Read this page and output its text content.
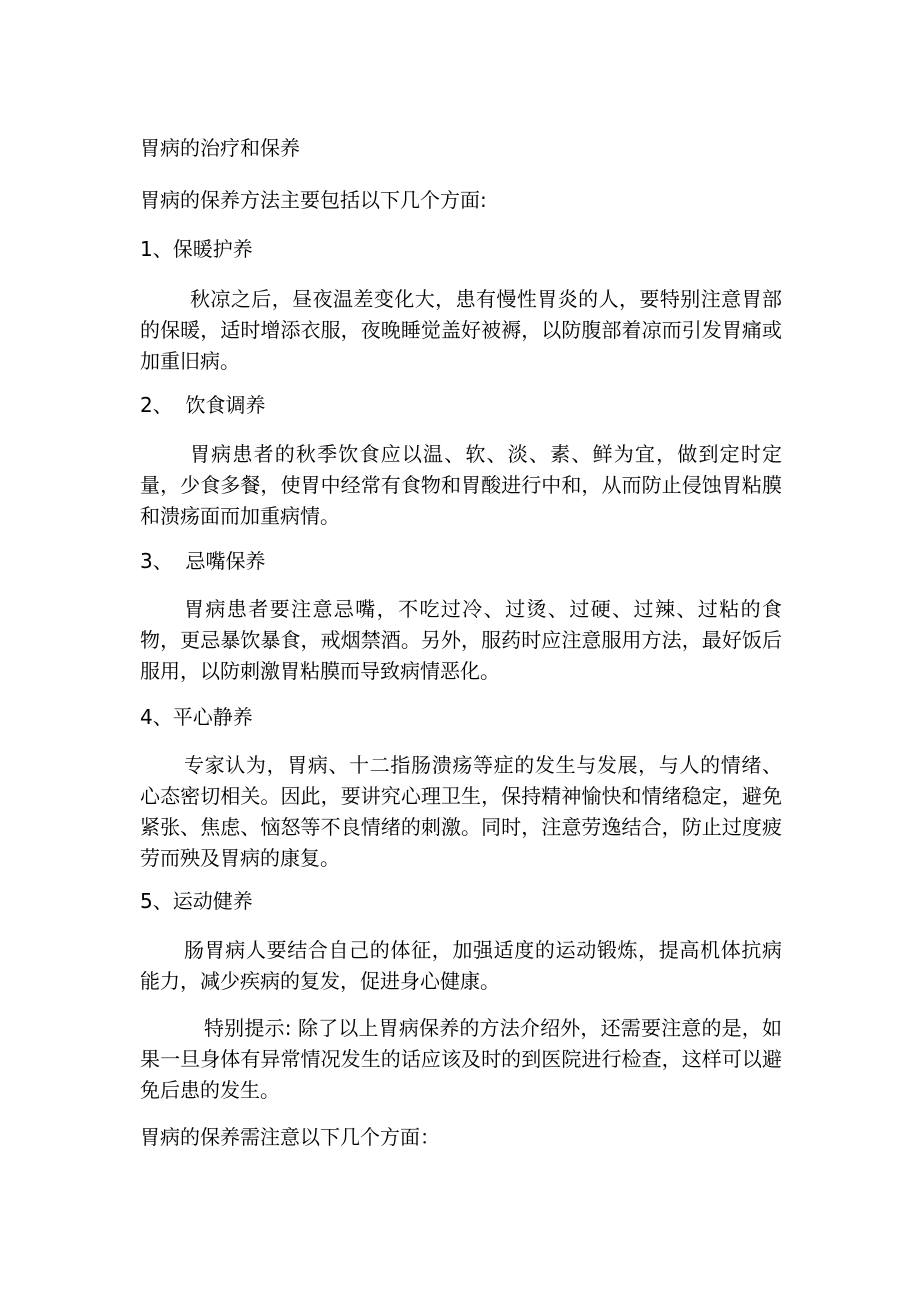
胃病的治疗和保养

胃病的保养方法主要包括以下几个方面:

1、保暖护养

秋凉之后，昼夜温差变化大，患有慢性胃炎的人，要特别注意胃部的保暖，适时增添衣服，夜晚睡觉盖好被褥，以防腹部着凉而引发胃痛或加重旧病。

2、  饮食调养

胃病患者的秋季饮食应以温、软、淡、素、鲜为宜，做到定时定量，少食多餐，使胃中经常有食物和胃酸进行中和，从而防止侵蚀胃粘膜和溃疡面而加重病情。

3、  忌嘴保养

胃病患者要注意忌嘴，不吃过冷、过烫、过硬、过辣、过粘的食物，更忌暴饮暴食，戒烟禁酒。另外，服药时应注意服用方法，最好饭后服用，以防刺激胃粘膜而导致病情恶化。

4、平心静养

专家认为，胃病、十二指肠溃疡等症的发生与发展，与人的情绪、心态密切相关。因此，要讲究心理卫生，保持精神愉快和情绪稳定，避免紧张、焦虑、恼怒等不良情绪的刺激。同时，注意劳逸结合，防止过度疲劳而殃及胃病的康复。

5、运动健养

肠胃病人要结合自己的体征，加强适度的运动锻炼，提高机体抗病能力，减少疾病的复发，促进身心健康。

特别提示: 除了以上胃病保养的方法介绍外，还需要注意的是，如果一旦身体有异常情况发生的话应该及时的到医院进行检查，这样可以避免后患的发生。

胃病的保养需注意以下几个方面：
